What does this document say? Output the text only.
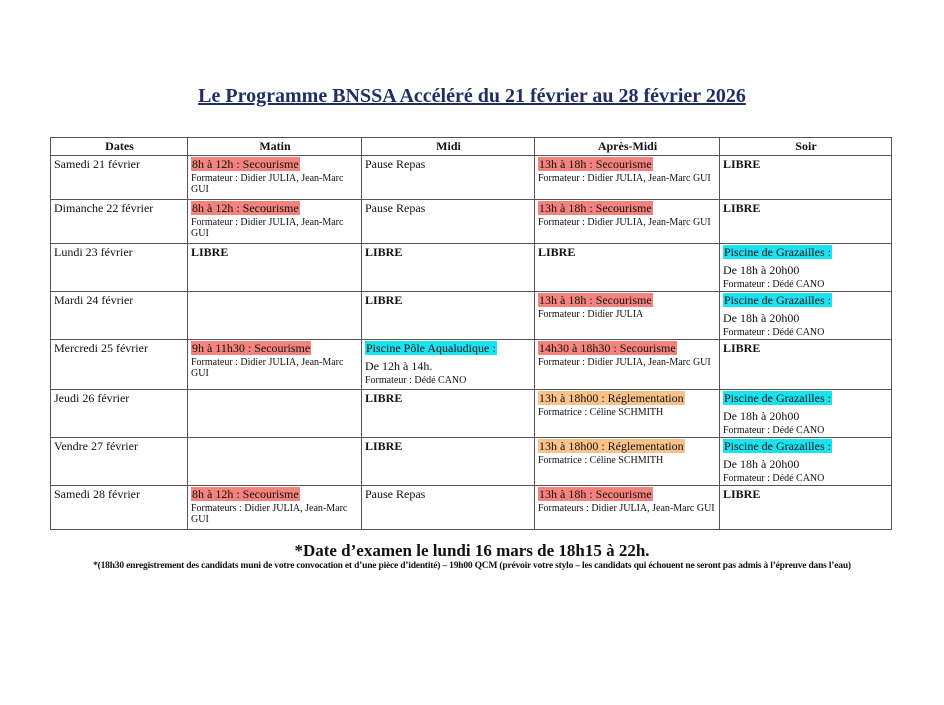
Le Programme BNSSA Accéléré du 21 février au 28 février 2026
Dates	Matin	Midi	Après-Midi	Soir
Samedi 21 février	8h à 12h : Secourisme
Formateur : Didier JULIA, Jean-Marc GUI	Pause Repas	13h à 18h : Secourisme
Formateur : Didier JULIA, Jean-Marc GUI	LIBRE
Dimanche 22 février	8h à 12h : Secourisme
Formateur : Didier JULIA, Jean-Marc GUI	Pause Repas	13h à 18h : Secourisme
Formateur : Didier JULIA, Jean-Marc GUI	LIBRE
Lundi 23 février	LIBRE	LIBRE	LIBRE	Piscine de Grazailles :
De 18h à 20h00
Formateur : Dédé CANO

Mardi 24 février		LIBRE	13h à 18h : Secourisme
Formateur : Didier JULIA	Piscine de Grazailles :
De 18h à 20h00
Formateur : Dédé CANO

Mercredi 25 février	9h à 11h30 : Secourisme
Formateur : Didier JULIA, Jean-Marc GUI	Piscine Pôle Aqualudique :
De 12h à 14h.
Formateur : Dédé CANO	14h30 à 18h30 : Secourisme
Formateur : Didier JULIA, Jean-Marc GUI	LIBRE
Jeudi 26 février		LIBRE	13h à 18h00 : Réglementation
Formatrice : Céline SCHMITH	Piscine de Grazailles :
De 18h à 20h00
Formateur : Dédé CANO

Vendre 27 février		LIBRE	13h à 18h00 : Réglementation
Formatrice : Céline SCHMITH	Piscine de Grazailles :
De 18h à 20h00
Formateur : Dédé CANO

Samedi 28 février	8h à 12h : Secourisme
Formateurs : Didier JULIA, Jean-Marc GUI	Pause Repas	13h à 18h : Secourisme
Formateurs : Didier JULIA, Jean-Marc GUI	LIBRE
*Date d’examen le lundi 16 mars de 18h15 à 22h.
*(18h30 enregistrement des candidats muni de votre convocation et d’une pièce d’identité) – 19h00 QCM (prévoir votre stylo – les candidats qui échouent ne seront pas admis à l’épreuve dans l’eau)
